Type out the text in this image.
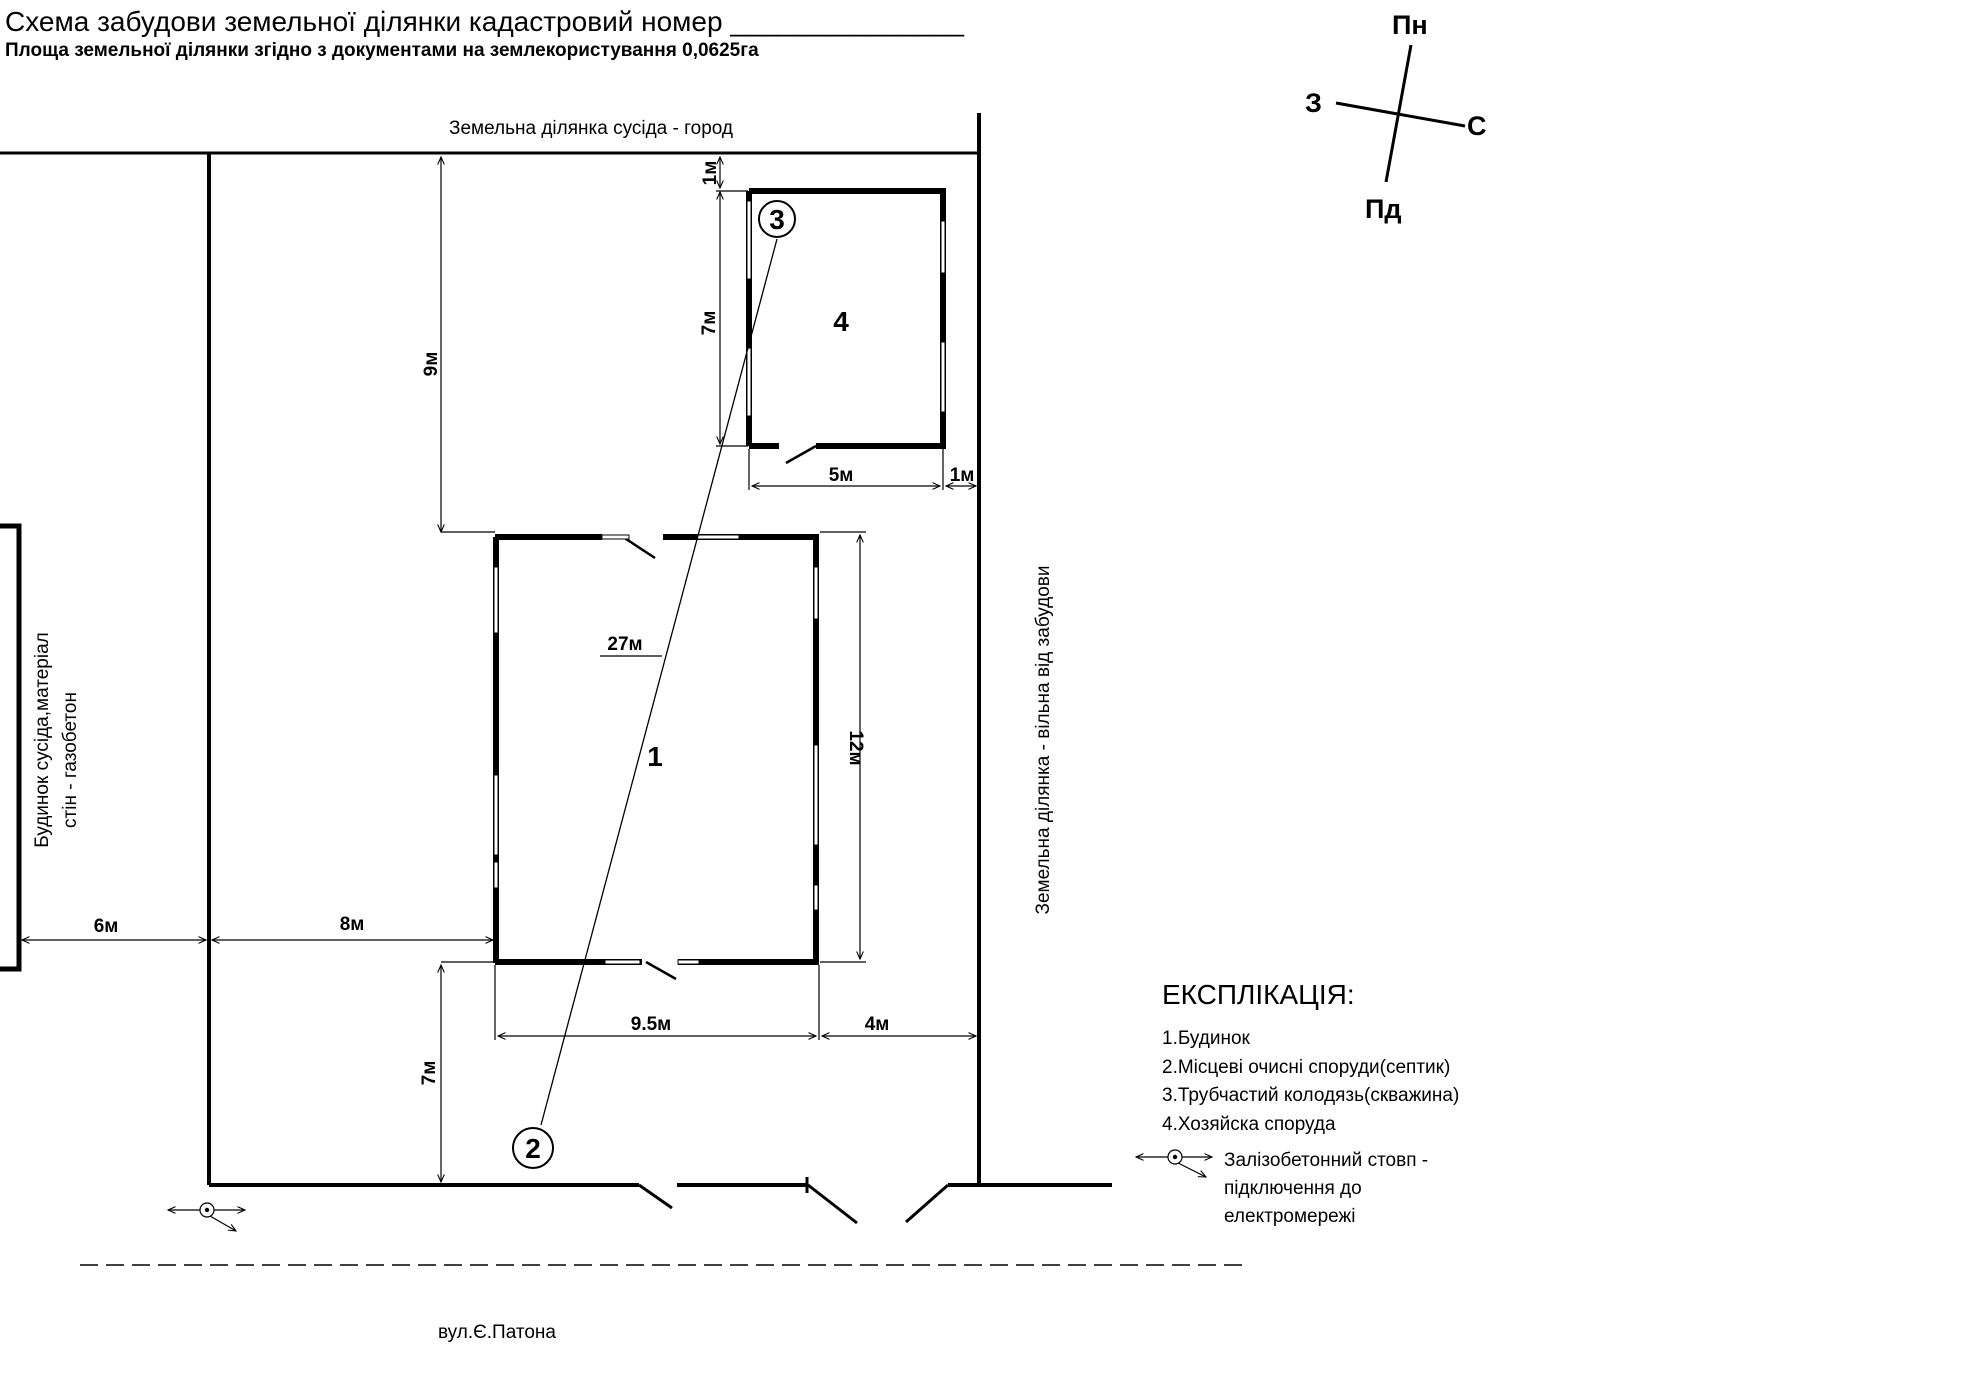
Схема забудови земельної ділянки кадастровий номер _______________
Площа земельної ділянки згідно з документами на землекористування 0,0625га
Пн
Пд
З
С
2
3
4
1
9м
1м
7м
5м	1м
27м
12м
6м	8м
9.5м	4м
7м
Земельна ділянка сусіда - город
Земельна ділянка - вільна від забудови
Будинок сусіда,матеріал стін - газобетон
вул.Є.Патона
ЕКСПЛІКАЦІЯ:
1.Будинок
2.Місцеві очисні споруди(септик)
3.Трубчастий колодязь(скважина)
4.Хозяйска споруда
Залізобетонний стовп -
підключення до
електромережі
